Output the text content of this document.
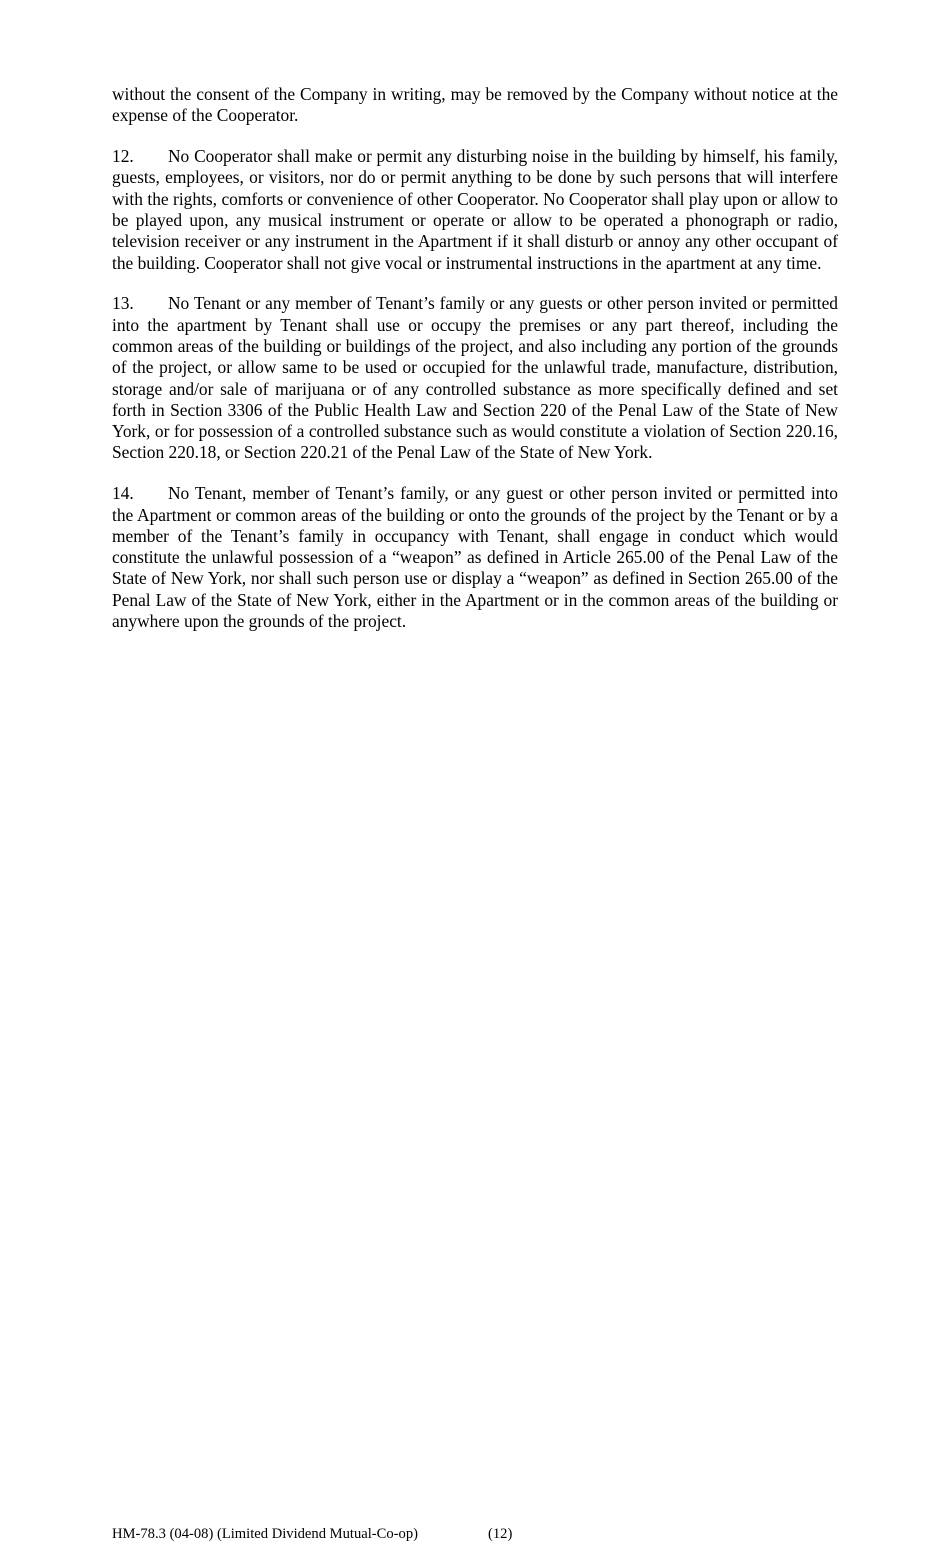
without the consent of the Company in writing, may be removed by the Company without notice at the expense of the Cooperator.

12. No Cooperator shall make or permit any disturbing noise in the building by himself, his family, guests, employees, or visitors, nor do or permit anything to be done by such persons that will interfere with the rights, comforts or convenience of other Cooperator. No Cooperator shall play upon or allow to be played upon, any musical instrument or operate or allow to be operated a phonograph or radio, television receiver or any instrument in the Apartment if it shall disturb or annoy any other occupant of the building. Cooperator shall not give vocal or instrumental instructions in the apartment at any time.

13. No Tenant or any member of Tenant’s family or any guests or other person invited or permitted into the apartment by Tenant shall use or occupy the premises or any part thereof, including the common areas of the building or buildings of the project, and also including any portion of the grounds of the project, or allow same to be used or occupied for the unlawful trade, manufacture, distribution, storage and/or sale of marijuana or of any controlled substance as more specifically defined and set forth in Section 3306 of the Public Health Law and Section 220 of the Penal Law of the State of New York, or for possession of a controlled substance such as would constitute a violation of Section 220.16, Section 220.18, or Section 220.21 of the Penal Law of the State of New York.

14. No Tenant, member of Tenant’s family, or any guest or other person invited or permitted into the Apartment or common areas of the building or onto the grounds of the project by the Tenant or by a member of the Tenant’s family in occupancy with Tenant, shall engage in conduct which would constitute the unlawful possession of a “weapon” as defined in Article 265.00 of the Penal Law of the State of New York, nor shall such person use or display a “weapon” as defined in Section 265.00 of the Penal Law of the State of New York, either in the Apartment or in the common areas of the building or anywhere upon the grounds of the project.

HM-78.3 (04-08) (Limited Dividend Mutual-Co-op)	(12)
